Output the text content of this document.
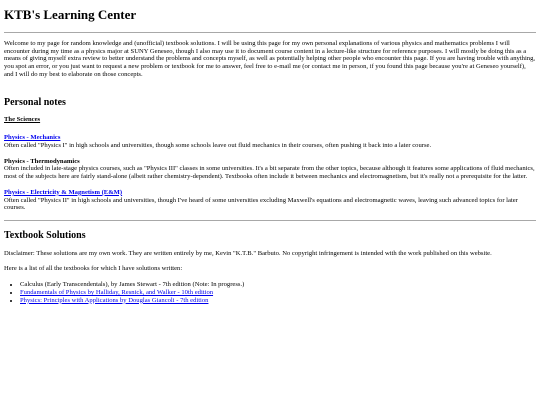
KTB's Learning Center

Welcome to my page for random knowledge and (unofficial) textbook solutions. I will be using this page for my own personal explanations of various physics and mathematics problems I will encounter during my time as a physics major at SUNY Geneseo, though I also may use it to document course content in a lecture-like structure for reference purposes. I will mostly be doing this as a means of giving myself extra review to better understand the problems and concepts myself, as well as potentially helping other people who encounter this page. If you are having trouble with anything, you spot an error, or you just want to request a new problem or textbook for me to answer, feel free to e-mail me (or contact me in person, if you found this page because you're at Geneseo yourself), and I will do my best to elaborate on those concepts.

Personal notes
The Sciences
Physics - Mechanics
Often called "Physics I" in high schools and universities, though some schools leave out fluid mechanics in their courses, often pushing it back into a later course.
Physics - Thermodynamics
Often included in late-stage physics courses, such as "Physics III" classes in some universities. It's a bit separate from the other topics, because although it features some applications of fluid mechanics, most of the subjects here are fairly stand-alone (albeit rather chemistry-dependent). Textbooks often include it between mechanics and electromagnetism, but it's really not a prerequisite for the latter.
Physics - Electricity & Magnetism (E&M)
Often called "Physics II" in high schools and universities, though I've heard of some universities excluding Maxwell's equations and electromagnetic waves, leaving such advanced topics for later courses.
Textbook Solutions

Disclaimer: These solutions are my own work. They are written entirely by me, Kevin "K.T.B." Barbuto. No copyright infringement is intended with the work published on this website.

Here is a list of all the textbooks for which I have solutions written:

• Calculus (Early Transcendentals), by James Stewart - 7th edition (Note: In progress.)
• Fundamentals of Physics by Halliday, Resnick, and Walker - 10th edition
• Physics: Principles with Applications by Douglas Giancoli - 7th edition
